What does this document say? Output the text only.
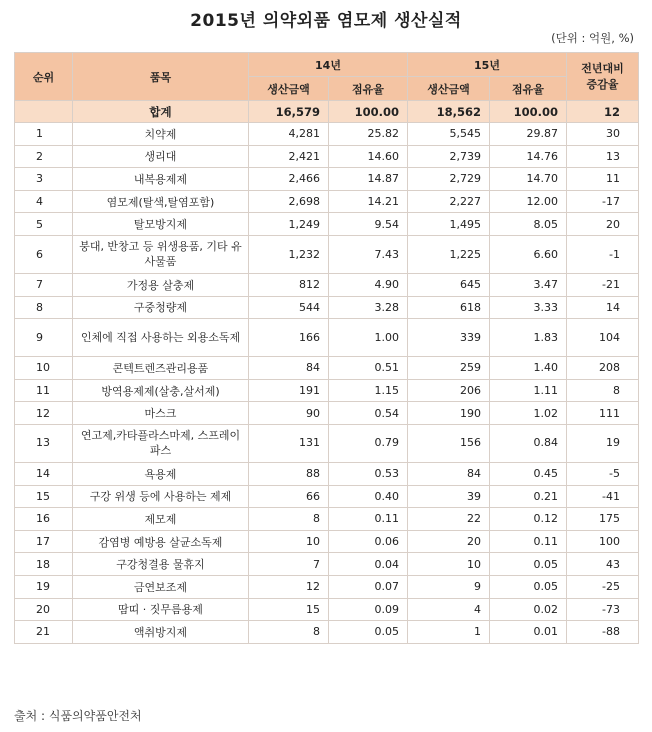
2015년 의약외품 염모제 생산실적
(단위 : 억원, %)
순위	품목	14년		15년		전년대비 증감율
		생산금액	점유율	생산금액	점유율	
	합계	16,579	100.00	18,562	100.00	12
1	치약제	4,281	25.82	5,545	29.87	30
2	생리대	2,421	14.60	2,739	14.76	13
3	내복용제제	2,466	14.87	2,729	14.70	11
4	염모제(탈색,탈염포함)	2,698	14.21	2,227	12.00	-17
5	탈모방지제	1,249	9.54	1,495	8.05	20
6	붕대, 반창고 등 위생용품, 기타 유사물품	1,232	7.43	1,225	6.60	-1
7	가정용 살충제	812	4.90	645	3.47	-21
8	구중청량제	544	3.28	618	3.33	14
9	인체에 직접 사용하는 외용소독제	166	1.00	339	1.83	104
10	콘텍트렌즈관리용품	84	0.51	259	1.40	208
11	방역용제제(살충,살서제)	191	1.15	206	1.11	8
12	마스크	90	0.54	190	1.02	111
13	연고제,카타플라스마제, 스프레이파스	131	0.79	156	0.84	19
14	욕용제	88	0.53	84	0.45	-5
15	구강 위생 등에 사용하는 제제	66	0.40	39	0.21	-41
16	제모제	8	0.11	22	0.12	175
17	감염병 예방용 살균소독제	10	0.06	20	0.11	100
18	구강청결용 물휴지	7	0.04	10	0.05	43
19	금연보조제	12	0.07	9	0.05	-25
20	땀띠 · 짓무름용제	15	0.09	4	0.02	-73
21	액취방지제	8	0.05	1	0.01	-88
출처 : 식품의약품안전처
